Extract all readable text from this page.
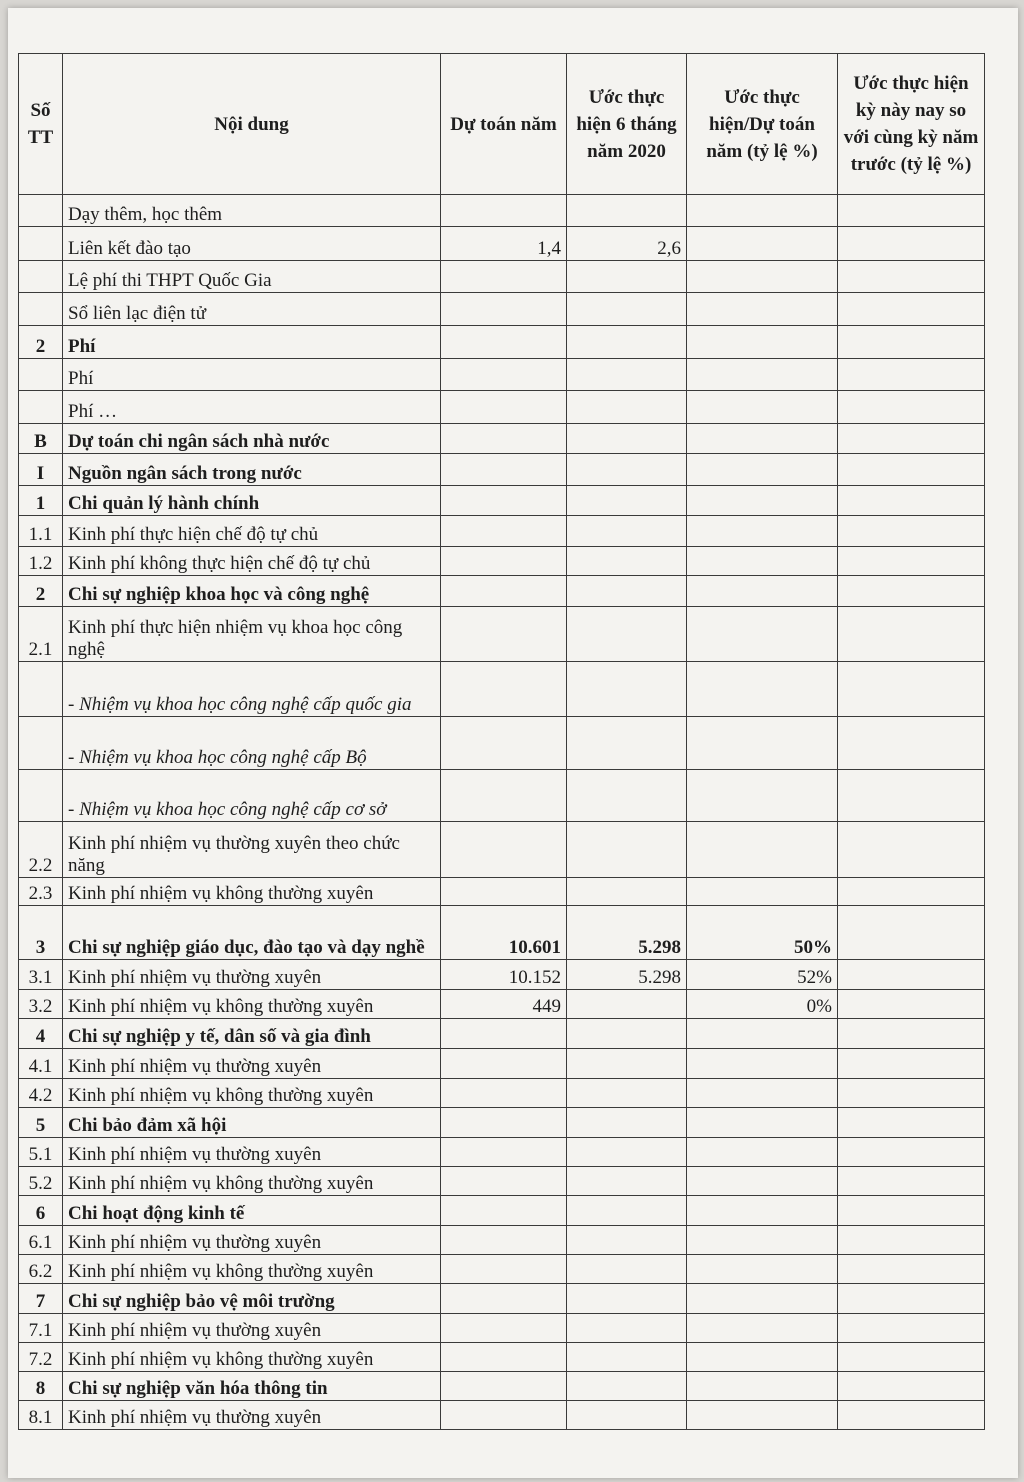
Số TT	Nội dung	Dự toán năm	Ước thực hiện 6 tháng năm 2020	Ước thực hiện/Dự toán năm (tỷ lệ %)	Ước thực hiện kỳ này nay so với cùng kỳ năm trước (tỷ lệ %)
	Dạy thêm, học thêm				
	Liên kết đào tạo	1,4	2,6		
	Lệ phí thi THPT Quốc Gia				
	Sổ liên lạc điện tử				
2	Phí				
	Phí				
	Phí …				
B	Dự toán chi ngân sách nhà nước				
I	Nguồn ngân sách trong nước				
1	Chi quản lý hành chính				
1.1	Kinh phí thực hiện chế độ tự chủ				
1.2	Kinh phí không thực hiện chế độ tự chủ				
2	Chi sự nghiệp khoa học và công nghệ				
2.1	Kinh phí thực hiện nhiệm vụ khoa học công nghệ				
	- Nhiệm vụ khoa học công nghệ cấp quốc gia				
	- Nhiệm vụ khoa học công nghệ cấp Bộ				
	- Nhiệm vụ khoa học công nghệ cấp cơ sở				
2.2	Kinh phí nhiệm vụ thường xuyên theo chức năng				
2.3	Kinh phí nhiệm vụ không thường xuyên				
3	Chi sự nghiệp giáo dục, đào tạo và dạy nghề	10.601	5.298	50%	
3.1	Kinh phí nhiệm vụ thường xuyên	10.152	5.298	52%	
3.2	Kinh phí nhiệm vụ không thường xuyên	449		0%	
4	Chi sự nghiệp y tế, dân số và gia đình				
4.1	Kinh phí nhiệm vụ thường xuyên				
4.2	Kinh phí nhiệm vụ không thường xuyên				
5	Chi bảo đảm xã hội				
5.1	Kinh phí nhiệm vụ thường xuyên				
5.2	Kinh phí nhiệm vụ không thường xuyên				
6	Chi hoạt động kinh tế				
6.1	Kinh phí nhiệm vụ thường xuyên				
6.2	Kinh phí nhiệm vụ không thường xuyên				
7	Chi sự nghiệp bảo vệ môi trường				
7.1	Kinh phí nhiệm vụ thường xuyên				
7.2	Kinh phí nhiệm vụ không thường xuyên				
8	Chi sự nghiệp văn hóa thông tin				
8.1	Kinh phí nhiệm vụ thường xuyên				
